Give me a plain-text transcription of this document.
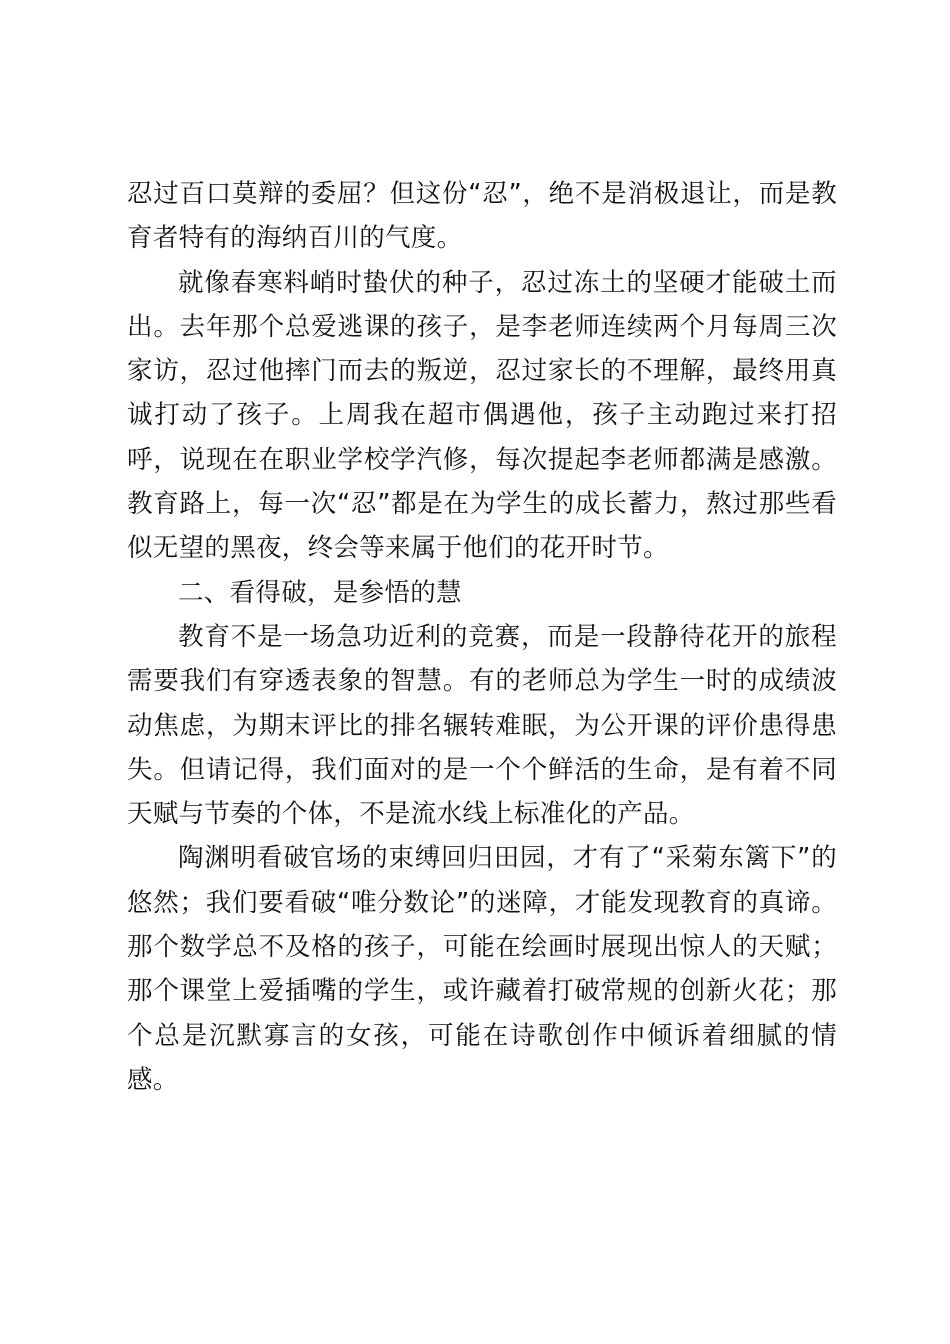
忍过百口莫辩的委屈？但这份“忍”，绝不是消极退让，而是教育者特有的海纳百川的气度。

就像春寒料峭时蛰伏的种子，忍过冻土的坚硬才能破土而出。去年那个总爱逃课的孩子，是李老师连续两个月每周三次家访，忍过他摔门而去的叛逆，忍过家长的不理解，最终用真诚打动了孩子。上周我在超市偶遇他，孩子主动跑过来打招呼，说现在在职业学校学汽修，每次提起李老师都满是感激。教育路上，每一次“忍”都是在为学生的成长蓄力，熬过那些看似无望的黑夜，终会等来属于他们的花开时节。

二、看得破，是参悟的慧

教育不是一场急功近利的竞赛，而是一段静待花开的旅程需要我们有穿透表象的智慧。有的老师总为学生一时的成绩波动焦虑，为期末评比的排名辗转难眠，为公开课的评价患得患失。但请记得，我们面对的是一个个鲜活的生命，是有着不同天赋与节奏的个体，不是流水线上标准化的产品。

陶渊明看破官场的束缚回归田园，才有了“采菊东篱下”的悠然；我们要看破“唯分数论”的迷障，才能发现教育的真谛。那个数学总不及格的孩子，可能在绘画时展现出惊人的天赋；那个课堂上爱插嘴的学生，或许藏着打破常规的创新火花；那个总是沉默寡言的女孩，可能在诗歌创作中倾诉着细腻的情感。
